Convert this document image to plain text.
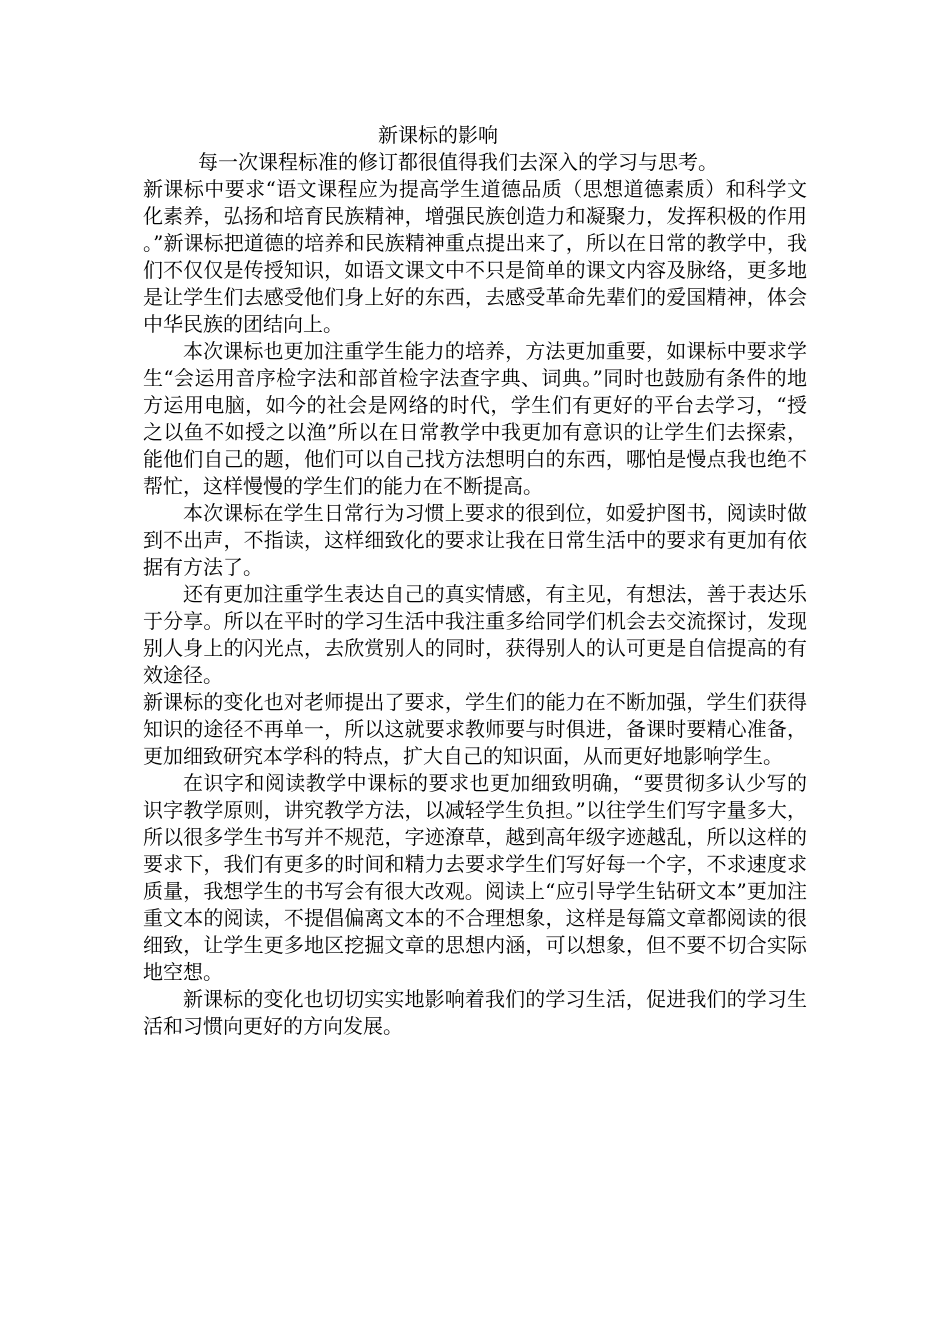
新课标的影响

每一次课程标准的修订都很值得我们去深入的学习与思考。
新课标中要求“语文课程应为提高学生道德品质（思想道德素质）和科学文化素养，弘扬和培育民族精神，增强民族创造力和凝聚力，发挥积极的作用。”新课标把道德的培养和民族精神重点提出来了，所以在日常的教学中，我们不仅仅是传授知识，如语文课文中不只是简单的课文内容及脉络，更多地是让学生们去感受他们身上好的东西，去感受革命先辈们的爱国精神，体会中华民族的团结向上。

本次课标也更加注重学生能力的培养，方法更加重要，如课标中要求学生“会运用音序检字法和部首检字法查字典、词典。”同时也鼓励有条件的地方运用电脑，如今的社会是网络的时代，学生们有更好的平台去学习，“授之以鱼不如授之以渔”所以在日常教学中我更加有意识的让学生们去探索，能他们自己的题，他们可以自己找方法想明白的东西，哪怕是慢点我也绝不帮忙，这样慢慢的学生们的能力在不断提高。

本次课标在学生日常行为习惯上要求的很到位，如爱护图书，阅读时做到不出声，不指读，这样细致化的要求让我在日常生活中的要求有更加有依据有方法了。

还有更加注重学生表达自己的真实情感，有主见，有想法，善于表达乐于分享。所以在平时的学习生活中我注重多给同学们机会去交流探讨，发现别人身上的闪光点，去欣赏别人的同时，获得别人的认可更是自信提高的有效途径。

新课标的变化也对老师提出了要求，学生们的能力在不断加强，学生们获得知识的途径不再单一，所以这就要求教师要与时俱进，备课时要精心准备，更加细致研究本学科的特点，扩大自己的知识面，从而更好地影响学生。

在识字和阅读教学中课标的要求也更加细致明确，“要贯彻多认少写的识字教学原则，讲究教学方法，以减轻学生负担。”以往学生们写字量多大，所以很多学生书写并不规范，字迹潦草，越到高年级字迹越乱，所以这样的要求下，我们有更多的时间和精力去要求学生们写好每一个字，不求速度求质量，我想学生的书写会有很大改观。阅读上“应引导学生钻研文本”更加注重文本的阅读，不提倡偏离文本的不合理想象，这样是每篇文章都阅读的很细致，让学生更多地区挖掘文章的思想内涵，可以想象，但不要不切合实际地空想。

新课标的变化也切切实实地影响着我们的学习生活，促进我们的学习生活和习惯向更好的方向发展。
